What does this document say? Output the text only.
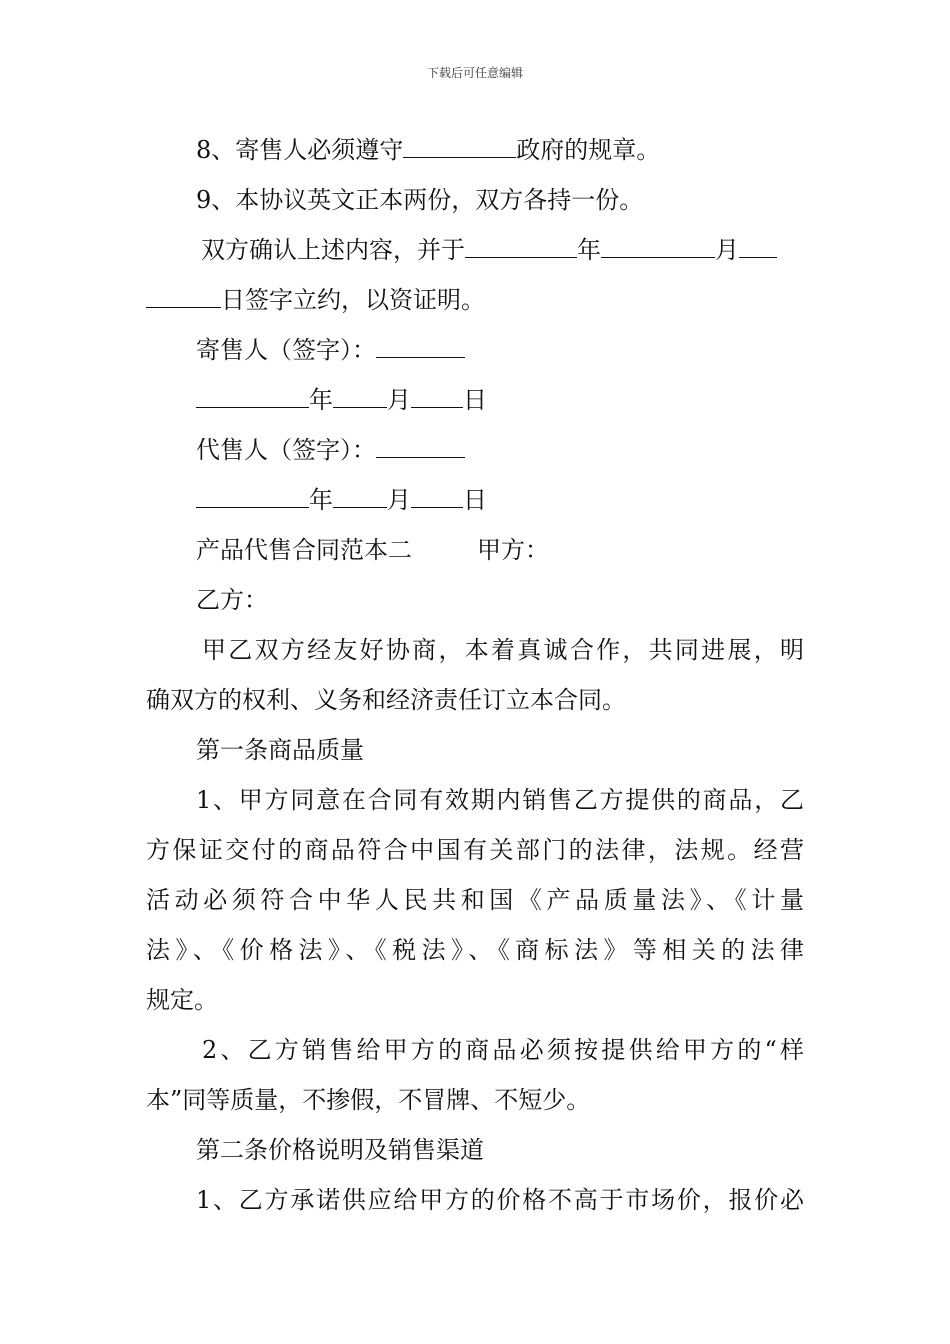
下载后可任意编辑
8、寄售人必须遵守	政府的规章。
9、本协议英文正本两份，双方各持一份。
双方确认上述内容，并于	年	月
日签字立约，以资证明。
寄售人（签字）：
年 月 日
代售人（签字）：
年 月 日
产品代售合同范本二	甲方：
乙方：
甲乙双方经友好协商，本着真诚合作，共同进展，明
确双方的权利、义务和经济责任订立本合同。
第一条商品质量
1、甲方同意在合同有效期内销售乙方提供的商品，乙
方保证交付的商品符合中国有关部门的法律，法规。经营
活动必须符合中华人民共和国《产品质量法》、《计量
法》、《价格法》、《税法》、《商标法》等相关的法律
规定。
2、乙方销售给甲方的商品必须按提供给甲方的“样
本”同等质量，不掺假，不冒牌、不短少。
第二条价格说明及销售渠道
1、乙方承诺供应给甲方的价格不高于市场价，报价必
